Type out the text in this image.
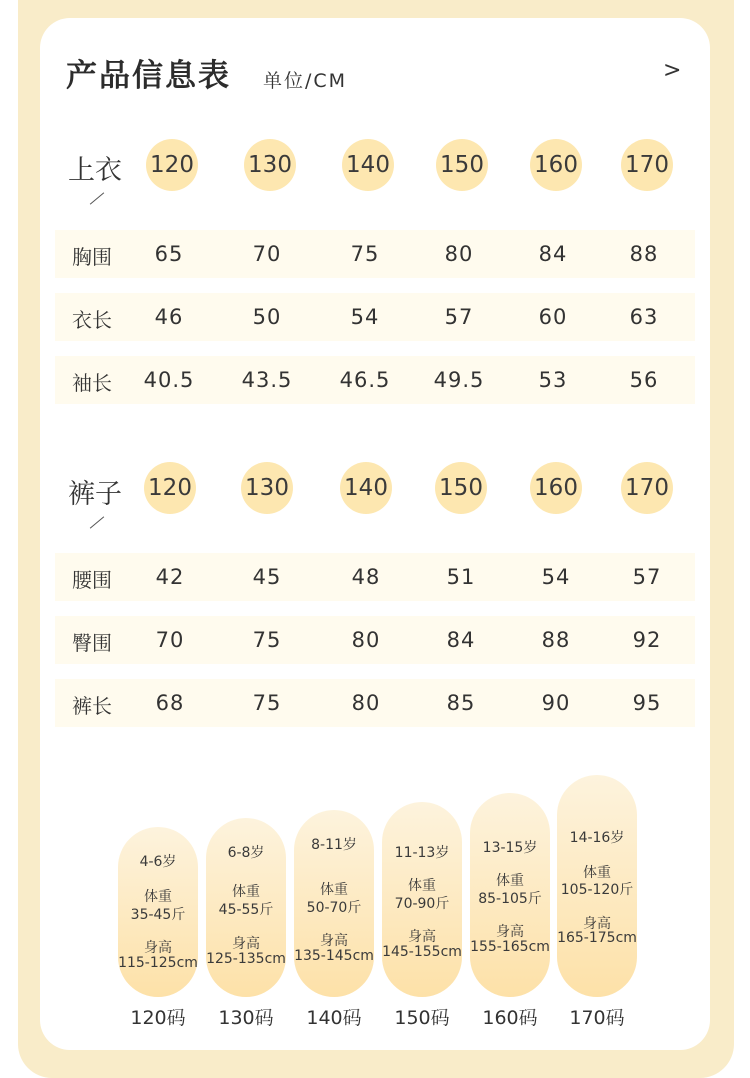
产品信息表 单位/CM	>
上衣 120 130 140 150 160 170
胸围	65	70	75	80	84	88
衣长	46	50	54	57	60	63
袖长	40.5	43.5	46.5	49.5	53	56
裤子 120 130 140 150 160 170
腰围	42	45	48	51	54	57
臀围	70	75	80	84	88	92
裤长	68	75	80	85	90	95
4-6岁
体重
35-45斤
身高
115-125cm
6-8岁
体重
45-55斤
身高
125-135cm
8-11岁
体重
50-70斤
身高
135-145cm
11-13岁
体重
70-90斤
身高
145-155cm
13-15岁
体重
85-105斤
身高
155-165cm
14-16岁
体重
105-120斤
身高
165-175cm
120码	130码	140码	150码	160码	170码
